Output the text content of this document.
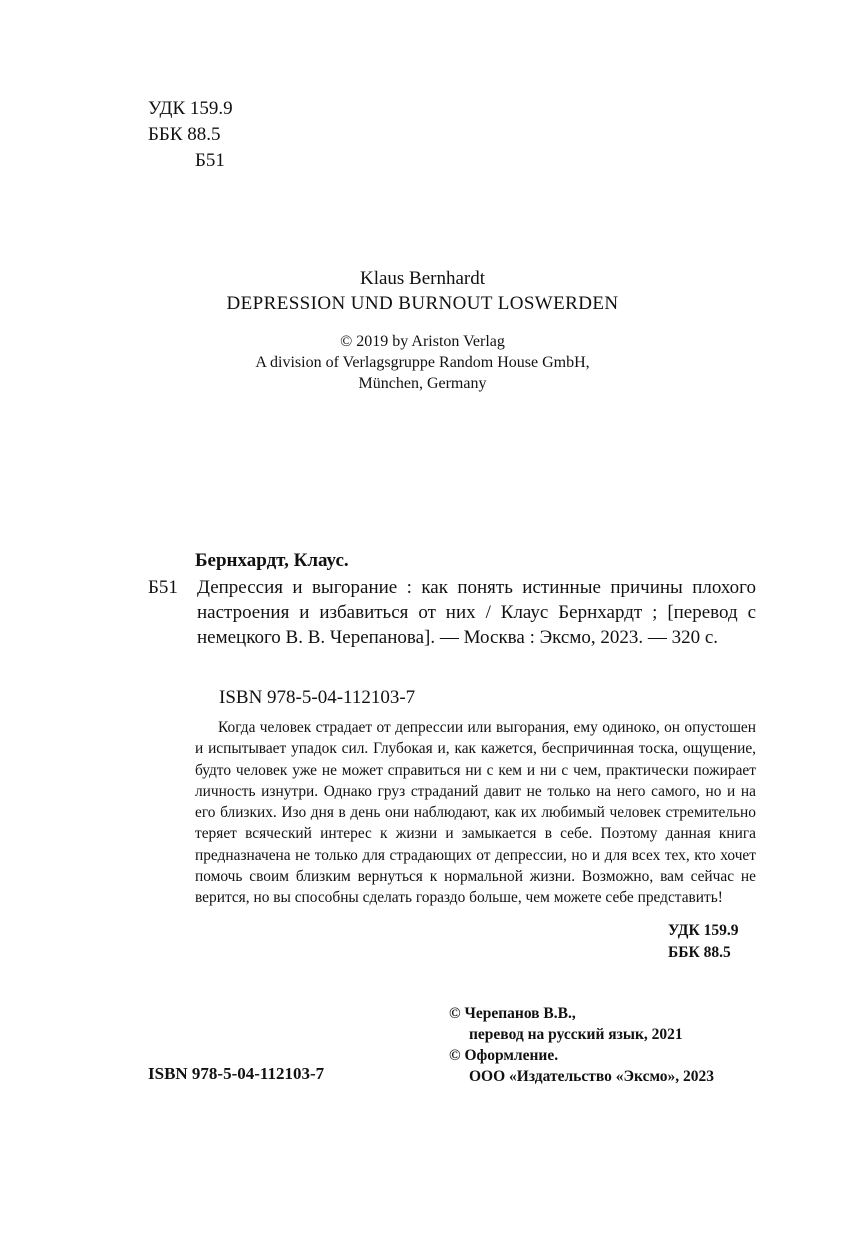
УДК 159.9
ББК 88.5
Б51
Klaus Bernhardt
DEPRESSION UND BURNOUT LOSWERDEN
© 2019 by Ariston Verlag
A division of Verlagsgruppe Random House GmbH,
München, Germany
Бернхардт, Клаус.
Б51 Депрессия и выгорание : как понять истинные причины плохого настроения и избавиться от них / Клаус Бернхардт ; [перевод с немецкого В. В. Черепанова]. — Москва : Эксмо, 2023. — 320 с.
ISBN 978-5-04-112103-7
Когда человек страдает от депрессии или выгорания, ему одиноко, он опустошен и испытывает упадок сил. Глубокая и, как кажется, беспричинная тоска, ощущение, будто человек уже не может справиться ни с кем и ни с чем, практически пожирает личность изнутри. Однако груз страданий давит не только на него самого, но и на его близких. Изо дня в день они наблюдают, как их любимый человек стремительно теряет всяческий интерес к жизни и замыкается в себе. Поэтому данная книга предназначена не только для страдающих от депрессии, но и для всех тех, кто хочет помочь своим близким вернуться к нормальной жизни. Возможно, вам сейчас не верится, но вы способны сделать гораздо больше, чем можете себе представить!
УДК 159.9
ББК 88.5
© Черепанов В.В.,
перевод на русский язык, 2021
© Оформление.
ООО «Издательство «Эксмо», 2023
ISBN 978-5-04-112103-7
